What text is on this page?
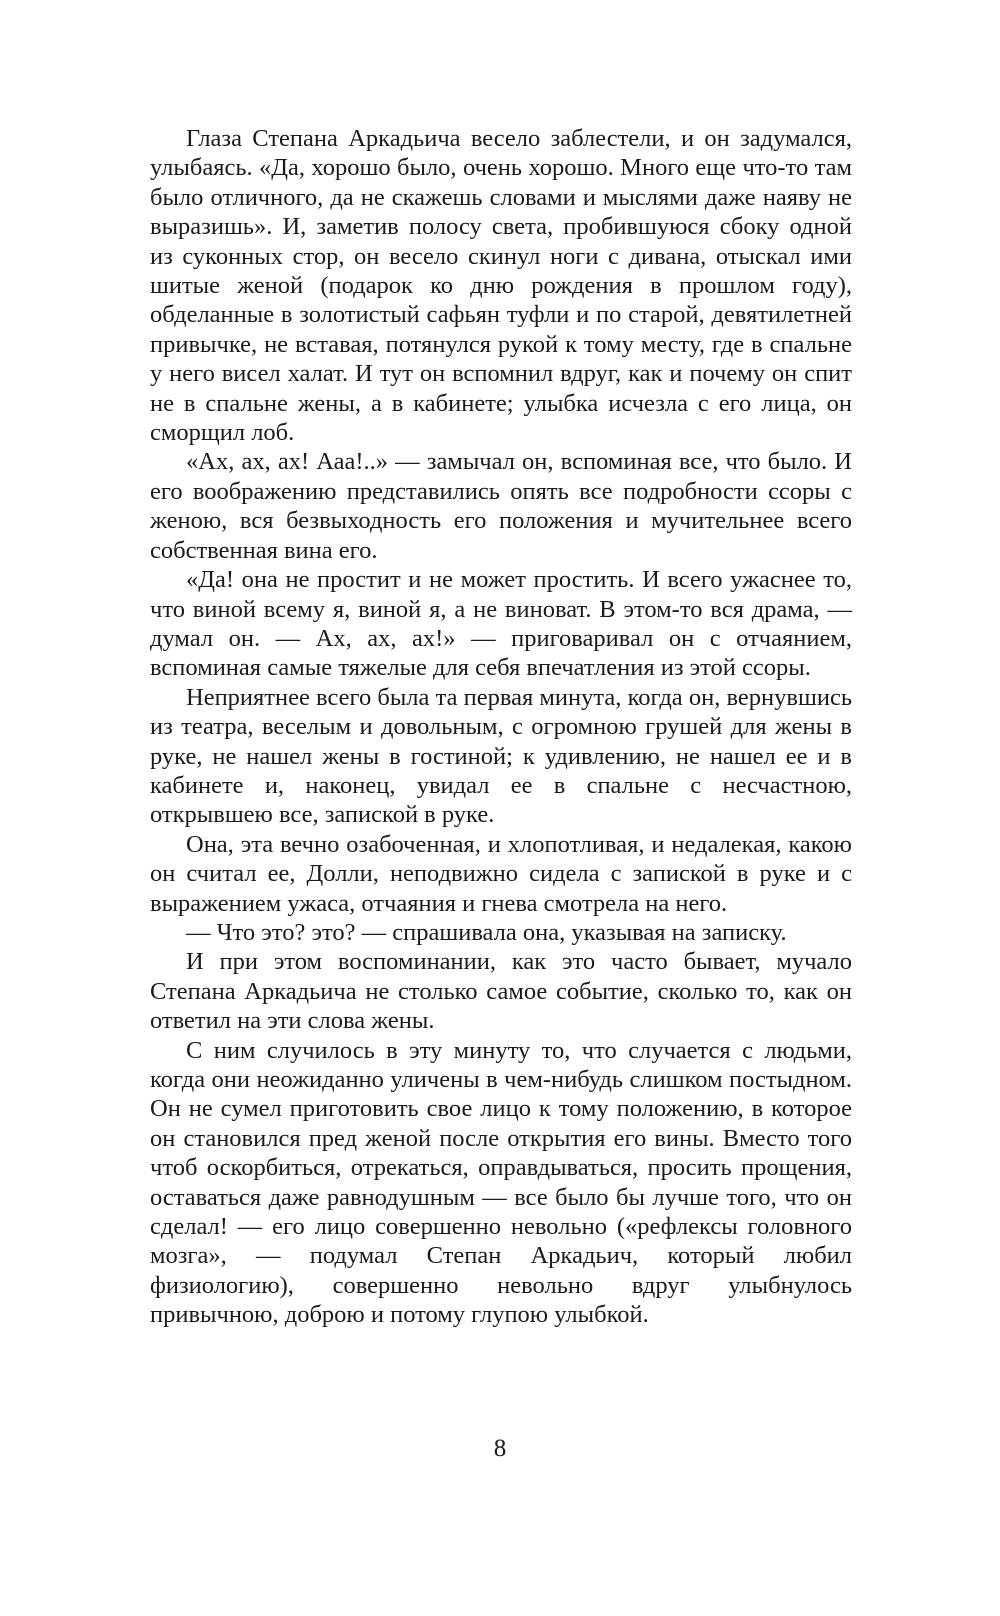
Глаза Степана Аркадьича весело заблестели, и он задумался, улыбаясь. «Да, хорошо было, очень хорошо. Много еще что-то там было отличного, да не скажешь словами и мыслями даже наяву не выразишь». И, заметив полосу света, пробившуюся сбоку одной из суконных стор, он весело скинул ноги с дивана, отыскал ими шитые женой (подарок ко дню рождения в прошлом году), обделанные в золотистый сафьян туфли и по старой, девятилетней привычке, не вставая, потянулся рукой к тому месту, где в спальне у него висел халат. И тут он вспомнил вдруг, как и почему он спит не в спальне жены, а в кабинете; улыбка исчезла с его лица, он сморщил лоб.

«Ах, ах, ах! Ааа!..» — замычал он, вспоминая все, что было. И его воображению представились опять все подробности ссоры с женою, вся безвыходность его положения и мучительнее всего собственная вина его.

«Да! она не простит и не может простить. И всего ужаснее то, что виной всему я, виной я, а не виноват. В этом-то вся драма, — думал он. — Ах, ах, ах!» — приговаривал он с отчаянием, вспоминая самые тяжелые для себя впечатления из этой ссоры.

Неприятнее всего была та первая минута, когда он, вернувшись из театра, веселым и довольным, с огромною грушей для жены в руке, не нашел жены в гостиной; к удивлению, не нашел ее и в кабинете и, наконец, увидал ее в спальне с несчастною, открывшею все, запиской в руке.

Она, эта вечно озабоченная, и хлопотливая, и недалекая, какою он считал ее, Долли, неподвижно сидела с запиской в руке и с выражением ужаса, отчаяния и гнева смотрела на него.

— Что это? это? — спрашивала она, указывая на записку.

И при этом воспоминании, как это часто бывает, мучало Степана Аркадьича не столько самое событие, сколько то, как он ответил на эти слова жены.

С ним случилось в эту минуту то, что случается с людьми, когда они неожиданно уличены в чем-нибудь слишком постыдном. Он не сумел приготовить свое лицо к тому положению, в которое он становился пред женой после открытия его вины. Вместо того чтоб оскорбиться, отрекаться, оправдываться, просить прощения, оставаться даже равнодушным — все было бы лучше того, что он сделал! — его лицо совершенно невольно («рефлексы головного мозга», — подумал Степан Аркадьич, который любил физиологию), совершенно невольно вдруг улыбнулось привычною, доброю и потому глупою улыбкой.

8
